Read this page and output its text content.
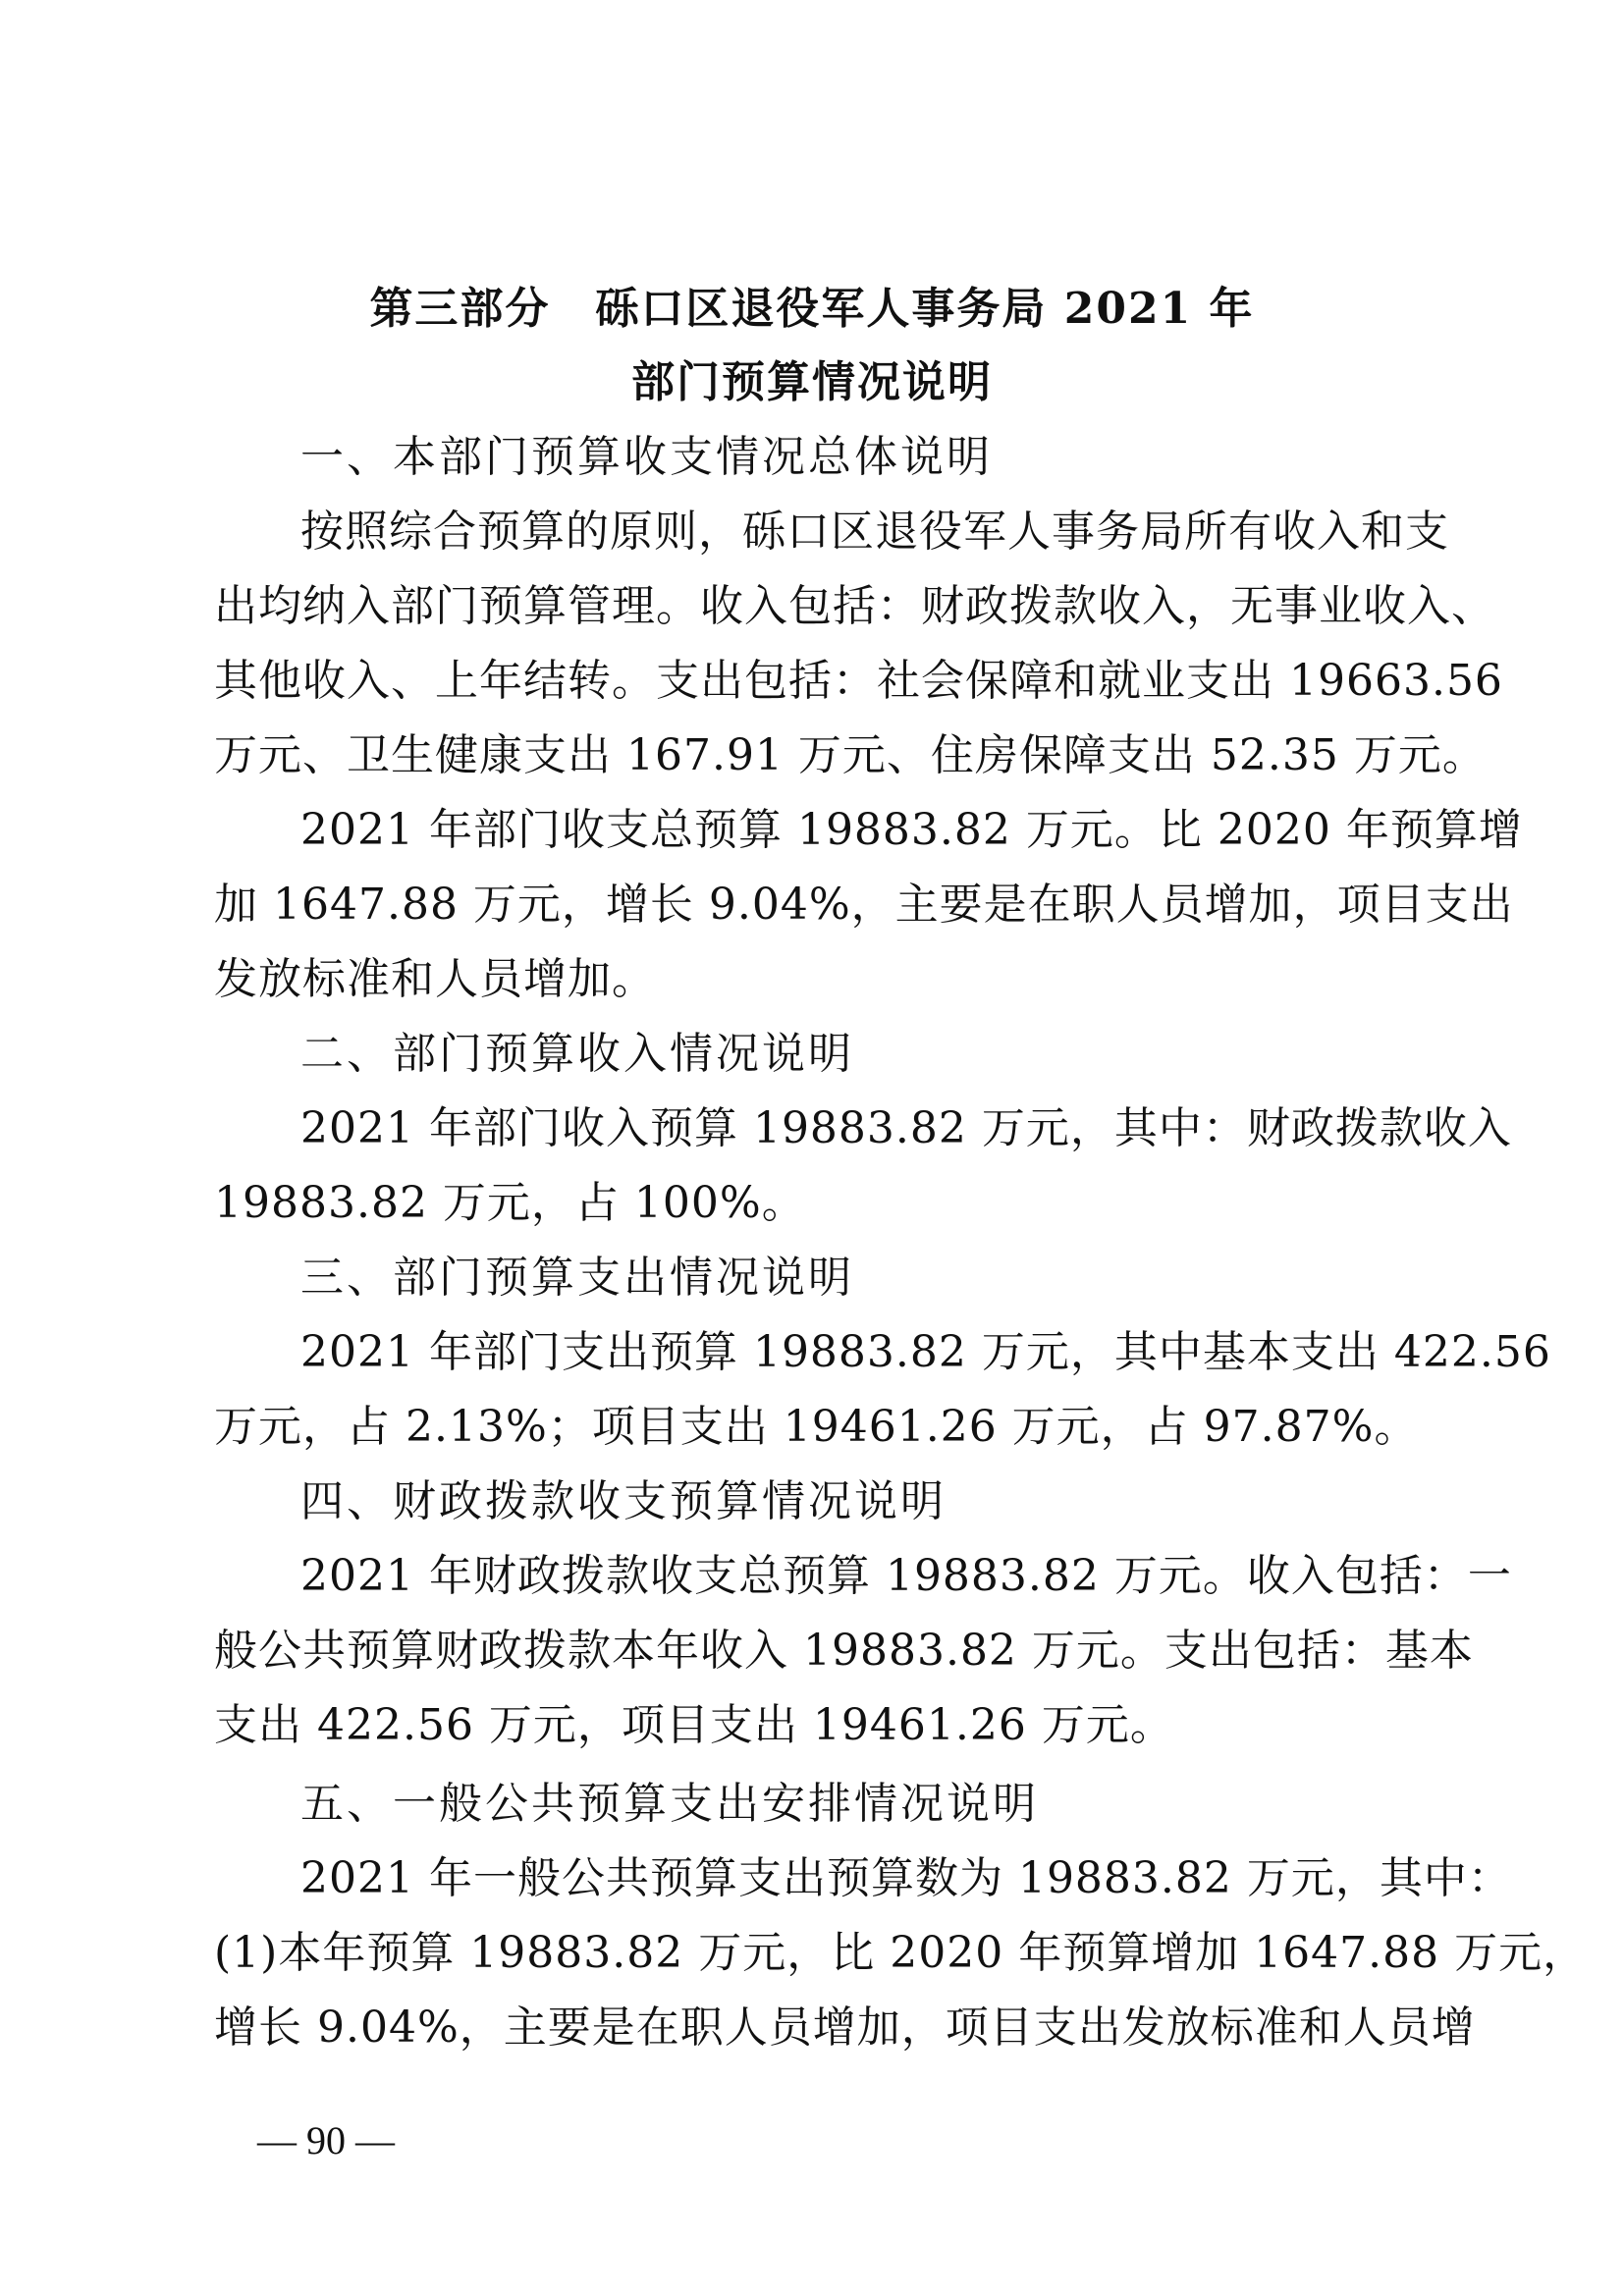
第三部分　砾口区退役军人事务局 2021 年
部门预算情况说明
一、本部门预算收支情况总体说明
按照综合预算的原则，砾口区退役军人事务局所有收入和支
出均纳入部门预算管理。收入包括：财政拨款收入，无事业收入、
其他收入、上年结转。支出包括：社会保障和就业支出 19663.56
万元、卫生健康支出 167.91 万元、住房保障支出 52.35 万元。
2021 年部门收支总预算 19883.82 万元。比 2020 年预算增
加 1647.88 万元，增长 9.04%，主要是在职人员增加，项目支出
发放标准和人员增加。
二、部门预算收入情况说明
2021 年部门收入预算 19883.82 万元，其中：财政拨款收入
19883.82 万元，占 100%。
三、部门预算支出情况说明
2021 年部门支出预算 19883.82 万元，其中基本支出 422.56
万元，占 2.13%；项目支出 19461.26 万元，占 97.87%。
四、财政拨款收支预算情况说明
2021 年财政拨款收支总预算 19883.82 万元。收入包括：一
般公共预算财政拨款本年收入 19883.82 万元。支出包括：基本
支出 422.56 万元，项目支出 19461.26 万元。
五、一般公共预算支出安排情况说明
2021 年一般公共预算支出预算数为 19883.82 万元，其中：
(1)本年预算 19883.82 万元，比 2020 年预算增加 1647.88 万元，
增长 9.04%，主要是在职人员增加，项目支出发放标准和人员增
— 90 —
